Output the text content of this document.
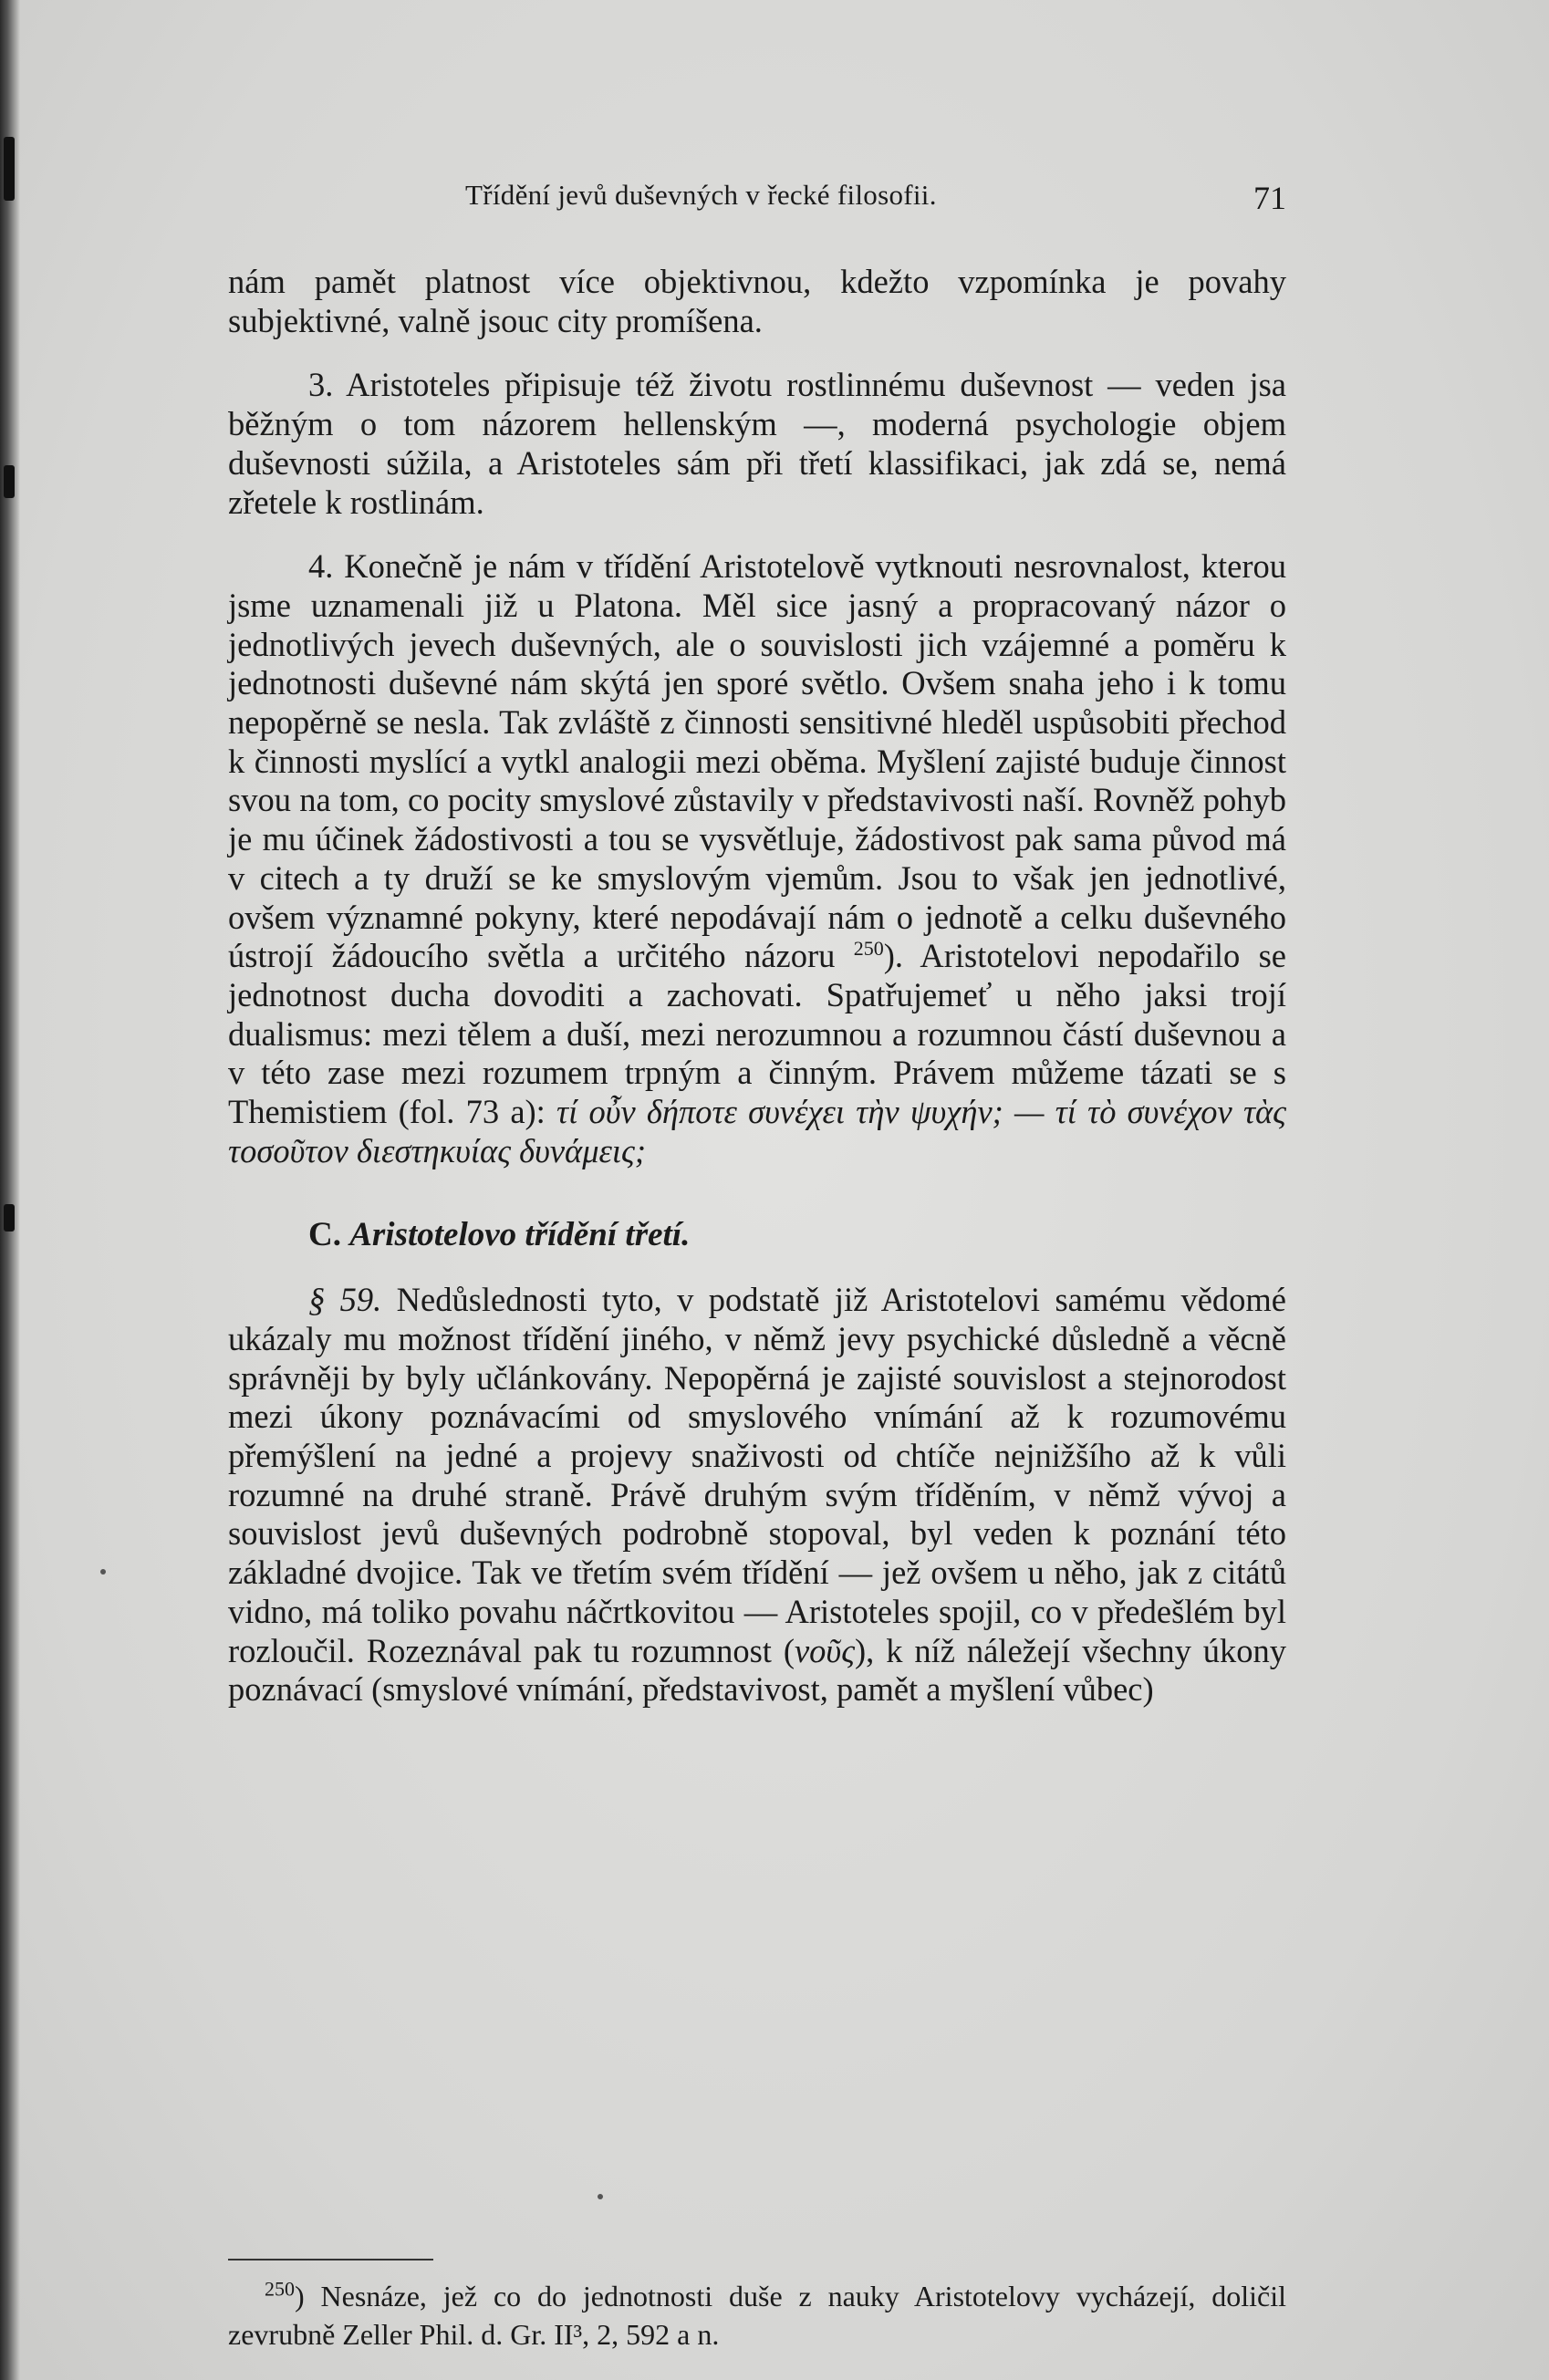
Třídění jevů duševných v řecké filosofii.	71

nám pamět platnost více objektivnou, kdežto vzpomínka je povahy subjektivné, valně jsouc city promíšena.

3. Aristoteles připisuje též životu rostlinnému duševnost — veden jsa běžným o tom názorem hellenským —, moderná psychologie objem duševnosti súžila, a Aristoteles sám při třetí klassifikaci, jak zdá se, nemá zřetele k rostlinám.

4. Konečně je nám v třídění Aristotelově vytknouti nesrovnalost, kterou jsme uznamenali již u Platona. Měl sice jasný a propracovaný názor o jednotlivých jevech duševných, ale o souvislosti jich vzájemné a poměru k jednotnosti duševné nám skýtá jen sporé světlo. Ovšem snaha jeho i k tomu nepopěrně se nesla. Tak zvláště z činnosti sensitivné hleděl uspůsobiti přechod k činnosti myslící a vytkl analogii mezi oběma. Myšlení zajisté buduje činnost svou na tom, co pocity smyslové zůstavily v představivosti naší. Rovněž pohyb je mu účinek žádostivosti a tou se vysvětluje, žádostivost pak sama původ má v citech a ty druží se ke smyslovým vjemům. Jsou to však jen jednotlivé, ovšem významné pokyny, které nepodávají nám o jednotě a celku duševného ústrojí žádoucího světla a určitého názoru $^{250}$). Aristotelovi nepodařilo se jednotnost ducha dovoditi a zachovati. Spatřujemeť u něho jaksi trojí dualismus: mezi tělem a duší, mezi nerozumnou a rozumnou částí duševnou a v této zase mezi rozumem trpným a činným. Právem můžeme tázati se s Themistiem (fol. 73 a): τί οὖν δήποτε συνέχει τὴν ψυχήν; — τί τὸ συνέχον τὰς τοσοῦτον διεστηκυίας δυνάμεις;

C. Aristotelovo třídění třetí.

§ 59. Nedůslednosti tyto, v podstatě již Aristotelovi samému vědomé ukázaly mu možnost třídění jiného, v němž jevy psychické důsledně a věcně správněji by byly učlánkovány. Nepopěrná je zajisté souvislost a stejnorodost mezi úkony poznávacími od smyslového vnímání až k rozumovému přemýšlení na jedné a projevy snaživosti od chtíče nejnižšího až k vůli rozumné na druhé straně. Právě druhým svým tříděním, v němž vývoj a souvislost jevů duševných podrobně stopoval, byl veden k poznání této základné dvojice. Tak ve třetím svém třídění — jež ovšem u něho, jak z citátů vidno, má toliko povahu náčrtkovitou — Aristoteles spojil, co v předešlém byl rozloučil. Rozeznával pak tu rozumnost (νοῦς), k níž náležejí všechny úkony poznávací (smyslové vnímání, představivost, pamět a myšlení vůbec)

$^{250}$) Nesnáze, jež co do jednotnosti duše z nauky Aristotelovy vycházejí, doličil zevrubně Zeller Phil. d. Gr. II³, 2, 592 a n.
